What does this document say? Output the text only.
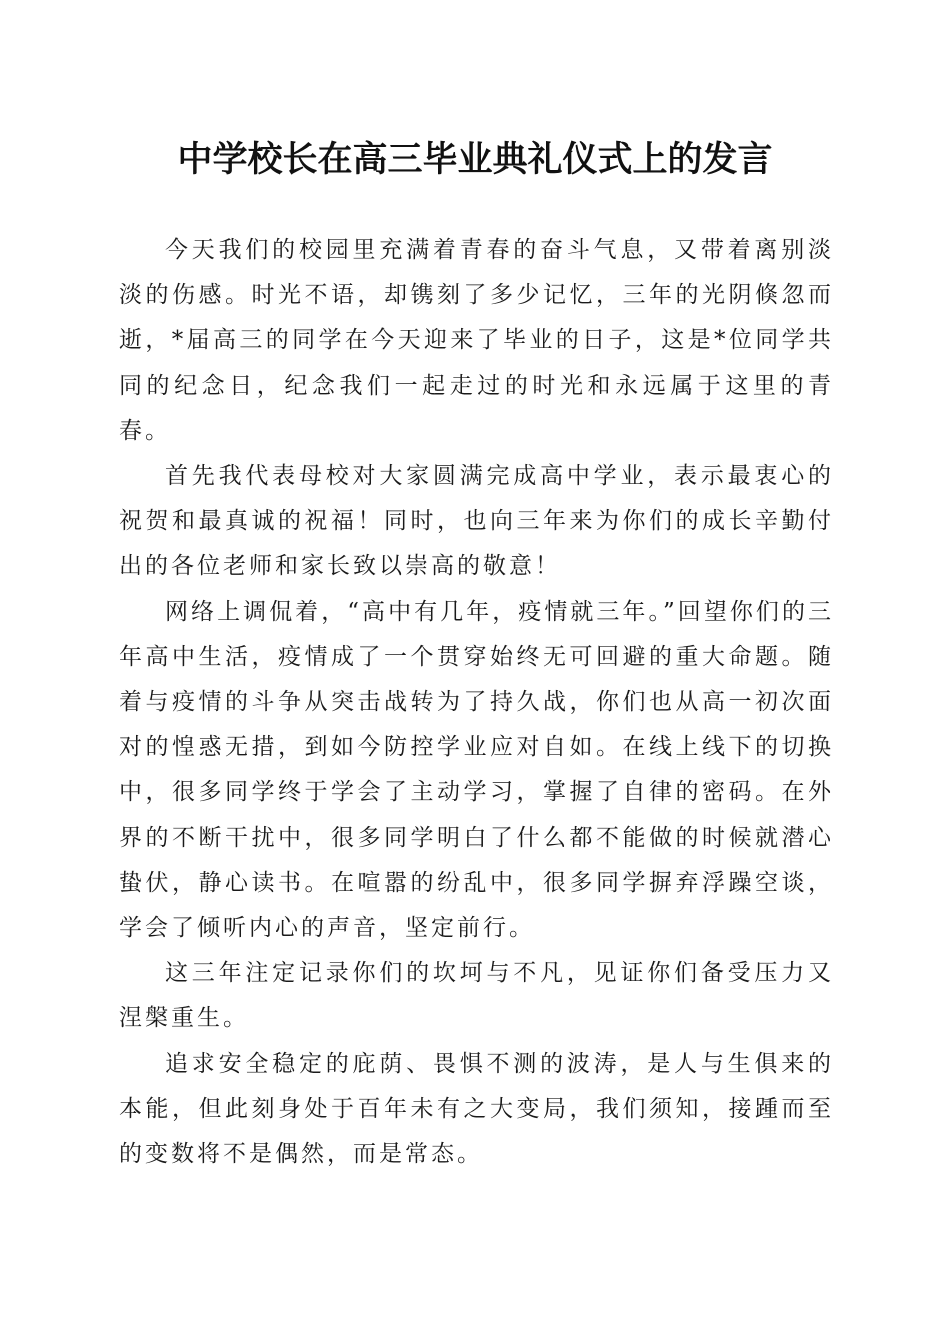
中学校长在高三毕业典礼仪式上的发言

今天我们的校园里充满着青春的奋斗气息，又带着离别淡淡的伤感。时光不语，却镌刻了多少记忆，三年的光阴倏忽而逝，*届高三的同学在今天迎来了毕业的日子，这是*位同学共同的纪念日，纪念我们一起走过的时光和永远属于这里的青春。

首先我代表母校对大家圆满完成高中学业，表示最衷心的祝贺和最真诚的祝福！同时，也向三年来为你们的成长辛勤付出的各位老师和家长致以崇高的敬意！

网络上调侃着，“高中有几年，疫情就三年。”回望你们的三年高中生活，疫情成了一个贯穿始终无可回避的重大命题。随着与疫情的斗争从突击战转为了持久战，你们也从高一初次面对的惶惑无措，到如今防控学业应对自如。在线上线下的切换中，很多同学终于学会了主动学习，掌握了自律的密码。在外界的不断干扰中，很多同学明白了什么都不能做的时候就潜心蛰伏，静心读书。在喧嚣的纷乱中，很多同学摒弃浮躁空谈，学会了倾听内心的声音，坚定前行。

这三年注定记录你们的坎坷与不凡，见证你们备受压力又涅槃重生。

追求安全稳定的庇荫、畏惧不测的波涛，是人与生俱来的本能，但此刻身处于百年未有之大变局，我们须知，接踵而至的变数将不是偶然，而是常态。
